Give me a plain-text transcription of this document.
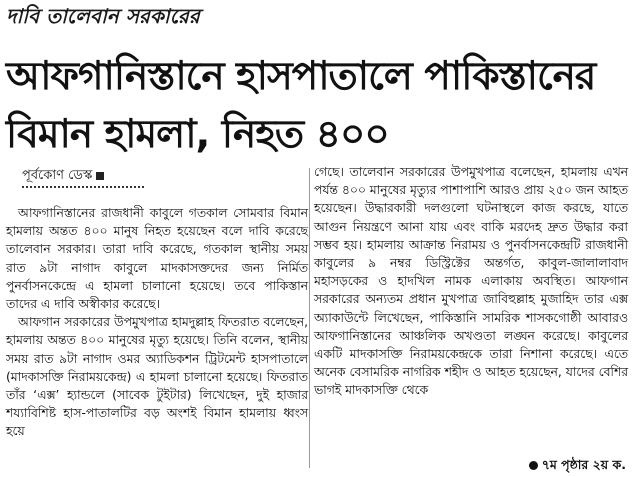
দাবি তালেবান সরকারের
আফগানিস্তানে হাসপাতালে পাকিস্তানের
বিমান হামলা, নিহত ৪০০
পূর্বকোণ ডেস্ক

আফগানিস্তানের রাজধানী কাবুলে গতকাল সোমবার বিমান হামলায় অন্তত ৪০০ মানুষ নিহত হয়েছেন বলে দাবি করেছে তালেবান সরকার। তারা দাবি করেছে, গতকাল স্থানীয় সময় রাত ৯টা নাগাদ কাবুলে মাদকাসক্তদের জন্য নির্মিত পুনর্বাসনকেন্দ্রে এ হামলা চালানো হয়েছে। তবে পাকিস্তান তাদের এ দাবি অস্বীকার করেছে।

আফগান সরকারের উপমুখপাত্র হামদুল্লাহ ফিতরাত বলেছেন, হামলায় অন্তত ৪০০ মানুষের মৃত্যু হয়েছে। তিনি বলেন, স্থানীয় সময় রাত ৯টা নাগাদ ওমর অ্যাডিকশন ট্রিটমেন্ট হাসপাতালে (মাদকাসক্তি নিরাময়কেন্দ্র) এ হামলা চালানো হয়েছে। ফিতরাত তাঁর ‘এক্স’ হ্যান্ডলে (সাবেক টুইটার) লিখেছেন, দুই হাজার শয্যাবিশিষ্ট হাস-পাতালটির বড় অংশই বিমান হামলায় ধ্বংস হয়ে

গেছে। তালেবান সরকারের উপমুখপাত্র বলেছেন, হামলায় এখন পর্যন্ত ৪০০ মানুষের মৃত্যুর পাশাপাশি আরও প্রায় ২৫০ জন আহত হয়েছেন। উদ্ধারকারী দলগুলো ঘটনাস্থলে কাজ করছে, যাতে আগুন নিয়ন্ত্রণে আনা যায় এবং বাকি মরদেহ দ্রুত উদ্ধার করা সম্ভব হয়। হামলায় আক্রান্ত নিরাময় ও পুনর্বাসনকেন্দ্রটি রাজধানী কাবুলের ৯ নম্বর ডিস্ট্রিক্টের অন্তর্গত, কাবুল-জালালাবাদ মহাসড়কের ও হাদখিল নামক এলাকায় অবস্থিত। আফগান সরকারের অন্যতম প্রধান মুখপাত্র জাবিহুল্লাহ মুজাহিদ তার এক্স অ্যাকাউন্টে লিখেছেন, পাকিস্তানি সামরিক শাসকগোষ্ঠী আবারও আফগানিস্তানের আঞ্চলিক অখণ্ডতা লঙ্ঘন করেছে। কাবুলের একটি মাদকাসক্তি নিরাময়কেন্দ্রকে তারা নিশানা করেছে। এতে অনেক বেসামরিক নাগরিক শহীদ ও আহত হয়েছেন, যাদের বেশির ভাগই মাদকাসক্তি থেকে

৭ম পৃষ্ঠার ২য় ক.
